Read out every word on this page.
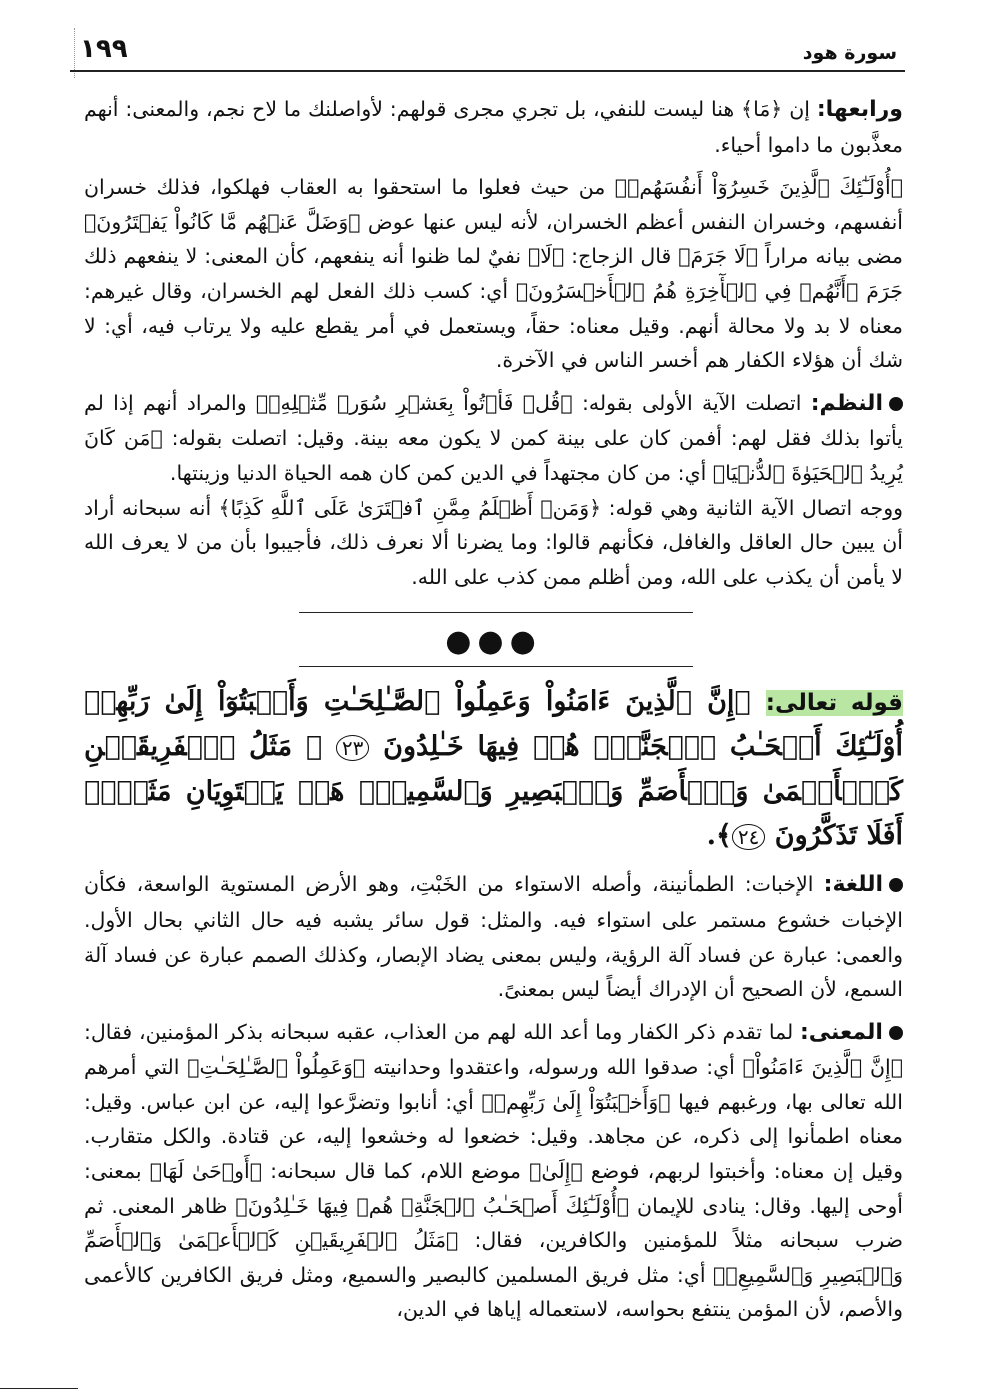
سورة هود
١٩٩

ورابعها: إن ﴿مَا﴾ هنا ليست للنفي، بل تجري مجرى قولهم: لأواصلنك ما لاح نجم، والمعنى: أنهم معذَّبون ما داموا أحياء.

﴿أُوْلَـٰٓئِكَ ٱلَّذِينَ خَسِرُوٓاْ أَنفُسَهُمۡ﴾ من حيث فعلوا ما استحقوا به العقاب فهلكوا، فذلك خسران أنفسهم، وخسران النفس أعظم الخسران، لأنه ليس عنها عوض ﴿وَضَلَّ عَنۡهُم مَّا كَانُواْ يَفۡتَرُونَ﴾ مضى بيانه مراراً ﴿لَا جَرَمَ﴾ قال الزجاج: ﴿لَا﴾ نفيٌ لما ظنوا أنه ينفعهم، كأن المعنى: لا ينفعهم ذلك جَرَمَ ﴿أَنَّهُمۡ فِي ٱلۡأٓخِرَةِ هُمُ ٱلۡأَخۡسَرُونَ﴾ أي: كسب ذلك الفعل لهم الخسران، وقال غيرهم: معناه لا بد ولا محالة أنهم. وقيل معناه: حقاً، ويستعمل في أمر يقطع عليه ولا يرتاب فيه، أي: لا شك أن هؤلاء الكفار هم أخسر الناس في الآخرة.

النظم: اتصلت الآية الأولى بقوله: ﴿قُلۡ فَأۡتُواْ بِعَشۡرِ سُوَرٖ مِّثۡلِهِۦ﴾ والمراد أنهم إذا لم يأتوا بذلك فقل لهم: أفمن كان على بينة كمن لا يكون معه بينة. وقيل: اتصلت بقوله: ﴿مَن كَانَ يُرِيدُ ٱلۡحَيَوٰةَ ٱلدُّنۡيَا﴾ أي: من كان مجتهداً في الدين كمن كان همه الحياة الدنيا وزينتها.

ووجه اتصال الآية الثانية وهي قوله: ﴿وَمَنۡ أَظۡلَمُ مِمَّنِ ٱفۡتَرَىٰ عَلَى ٱللَّهِ كَذِبًا﴾ أنه سبحانه أراد أن يبين حال العاقل والغافل، فكأنهم قالوا: وما يضرنا ألا نعرف ذلك، فأجيبوا بأن من لا يعرف الله لا يأمن أن يكذب على الله، ومن أظلم ممن كذب على الله.

●●●

قوله تعالى: ﴿إِنَّ ٱلَّذِينَ ءَامَنُواْ وَعَمِلُواْ ٱلصَّـٰلِحَـٰتِ وَأَخۡبَتُوٓاْ إِلَىٰ رَبِّهِمۡ أُوْلَـٰٓئِكَ أَصۡحَـٰبُ ٱلۡجَنَّةِۖ هُمۡ فِيهَا خَـٰلِدُونَ ٢٣ ۞ مَثَلُ ٱلۡفَرِيقَيۡنِ كَٱلۡأَعۡمَىٰ وَٱلۡأَصَمِّ وَٱلۡبَصِيرِ وَٱلسَّمِيعِۚ هَلۡ يَسۡتَوِيَانِ مَثَلًاۚ أَفَلَا تَذَكَّرُونَ ٢٤﴾.

اللغة: الإخبات: الطمأنينة، وأصله الاستواء من الخَبْتِ، وهو الأرض المستوية الواسعة، فكأن الإخبات خشوع مستمر على استواء فيه. والمثل: قول سائر يشبه فيه حال الثاني بحال الأول. والعمى: عبارة عن فساد آلة الرؤية، وليس بمعنى يضاد الإبصار، وكذلك الصمم عبارة عن فساد آلة السمع، لأن الصحيح أن الإدراك أيضاً ليس بمعنىً.

المعنى: لما تقدم ذكر الكفار وما أعد الله لهم من العذاب، عقبه سبحانه بذكر المؤمنين، فقال: ﴿إِنَّ ٱلَّذِينَ ءَامَنُواْ﴾ أي: صدقوا الله ورسوله، واعتقدوا وحدانيته ﴿وَعَمِلُواْ ٱلصَّـٰلِحَـٰتِ﴾ التي أمرهم الله تعالى بها، ورغبهم فيها ﴿وَأَخۡبَتُوٓاْ إِلَىٰ رَبِّهِمۡ﴾ أي: أنابوا وتضرَّعوا إليه، عن ابن عباس. وقيل: معناه اطمأنوا إلى ذكره، عن مجاهد. وقيل: خضعوا له وخشعوا إليه، عن قتادة. والكل متقارب. وقيل إن معناه: وأخبتوا لربهم، فوضع ﴿إِلَىٰ﴾ موضع اللام، كما قال سبحانه: ﴿أَوۡحَىٰ لَهَا﴾ بمعنى: أوحى إليها. وقال: ينادى للإيمان ﴿أُوْلَـٰٓئِكَ أَصۡحَـٰبُ ٱلۡجَنَّةِۖ هُمۡ فِيهَا خَـٰلِدُونَ﴾ ظاهر المعنى. ثم ضرب سبحانه مثلاً للمؤمنين والكافرين، فقال: ﴿مَثَلُ ٱلۡفَرِيقَيۡنِ كَٱلۡأَعۡمَىٰ وَٱلۡأَصَمِّ وَٱلۡبَصِيرِ وَٱلسَّمِيعِۚ﴾ أي: مثل فريق المسلمين كالبصير والسميع، ومثل فريق الكافرين كالأعمى والأصم، لأن المؤمن ينتفع بحواسه، لاستعماله إياها في الدين،
